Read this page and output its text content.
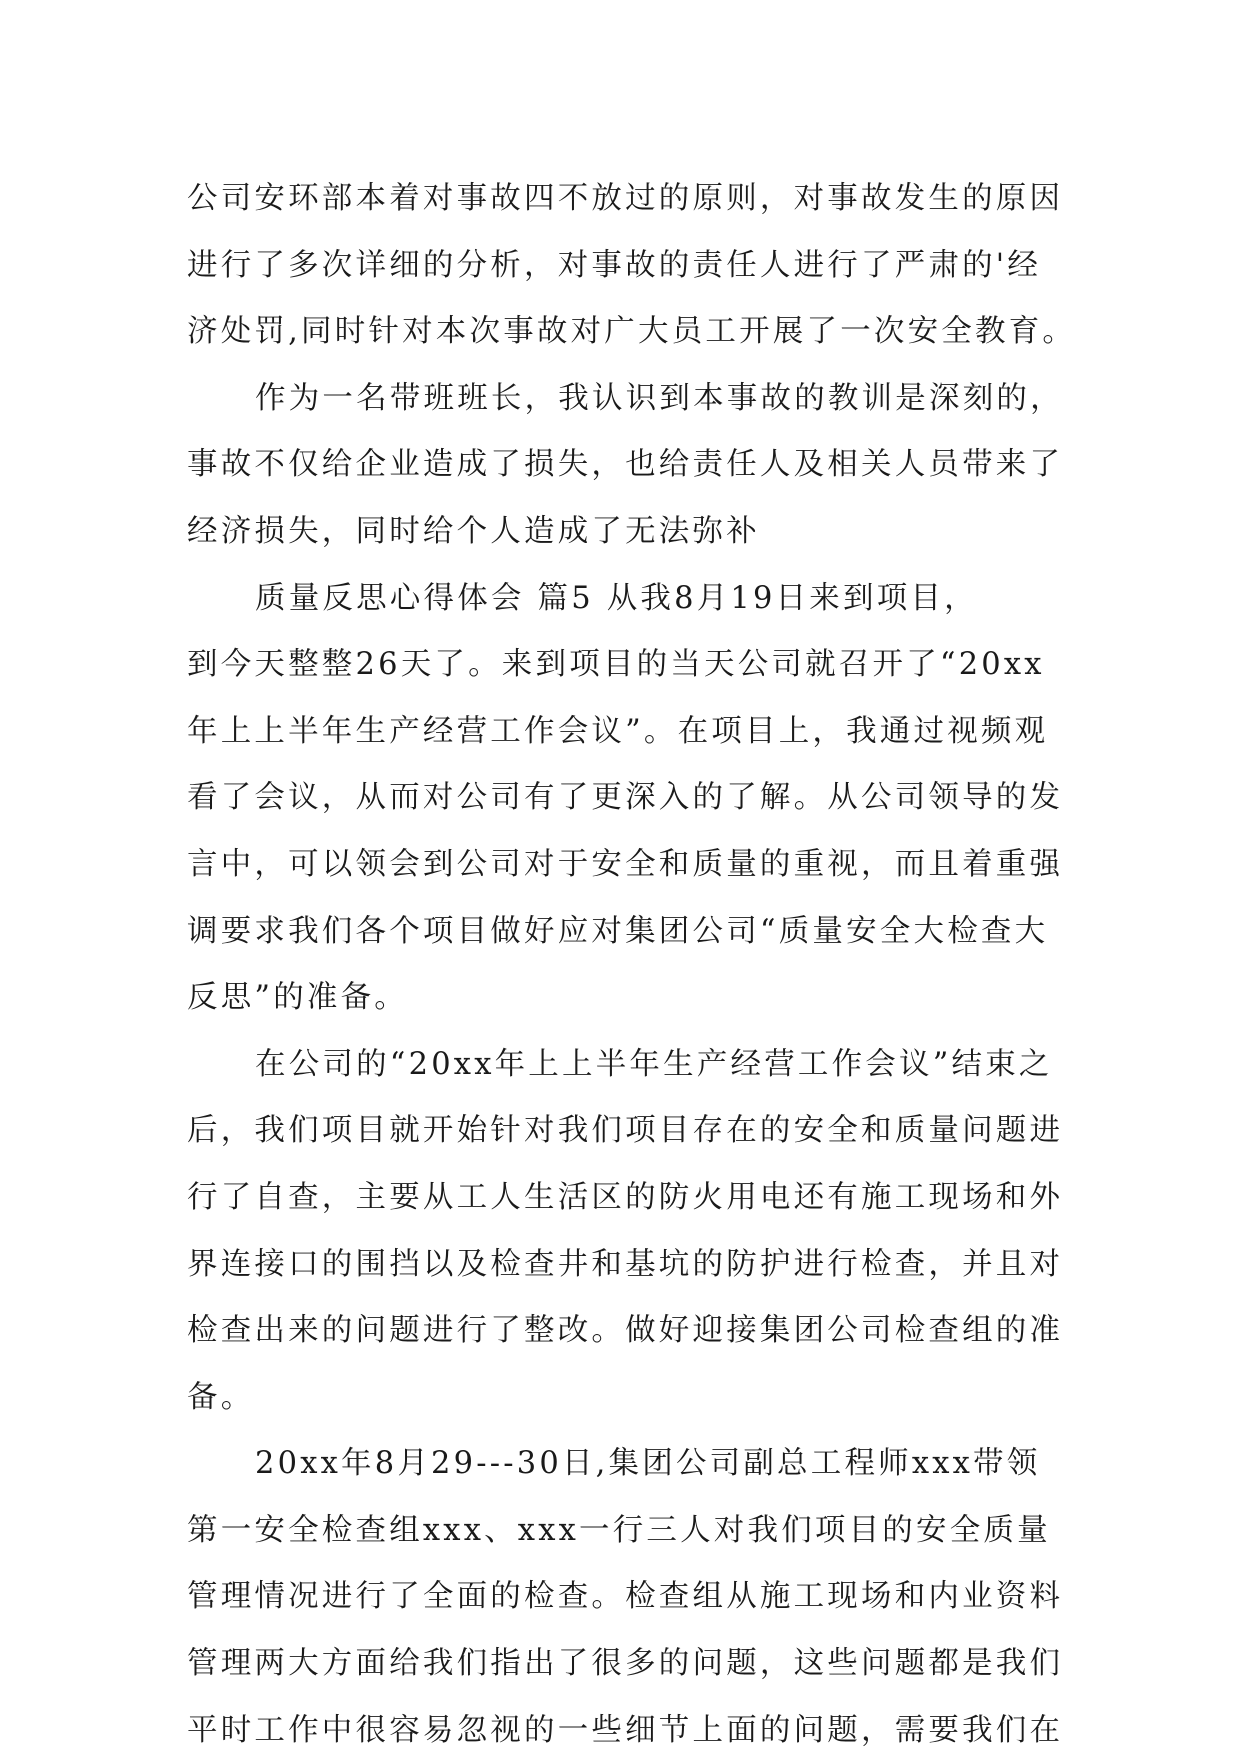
公司安环部本着对事故四不放过的原则，对事故发生的原因
进行了多次详细的分析，对事故的责任人进行了严肃的'经
济处罚,同时针对本次事故对广大员工开展了一次安全教育。
作为一名带班班长，我认识到本事故的教训是深刻的，
事故不仅给企业造成了损失，也给责任人及相关人员带来了
经济损失，同时给个人造成了无法弥补
质量反思心得体会 篇5 从我8月19日来到项目，
到今天整整26天了。来到项目的当天公司就召开了“20xx
年上上半年生产经营工作会议”。在项目上，我通过视频观
看了会议，从而对公司有了更深入的了解。从公司领导的发
言中，可以领会到公司对于安全和质量的重视，而且着重强
调要求我们各个项目做好应对集团公司“质量安全大检查大
反思”的准备。
在公司的“20xx年上上半年生产经营工作会议”结束之
后，我们项目就开始针对我们项目存在的安全和质量问题进
行了自查，主要从工人生活区的防火用电还有施工现场和外
界连接口的围挡以及检查井和基坑的防护进行检查，并且对
检查出来的问题进行了整改。做好迎接集团公司检查组的准
备。
20xx年8月29---30日,集团公司副总工程师xxx带领
第一安全检查组xxx、xxx一行三人对我们项目的安全质量
管理情况进行了全面的检查。检查组从施工现场和内业资料
管理两大方面给我们指出了很多的问题，这些问题都是我们
平时工作中很容易忽视的一些细节上面的问题，需要我们在
